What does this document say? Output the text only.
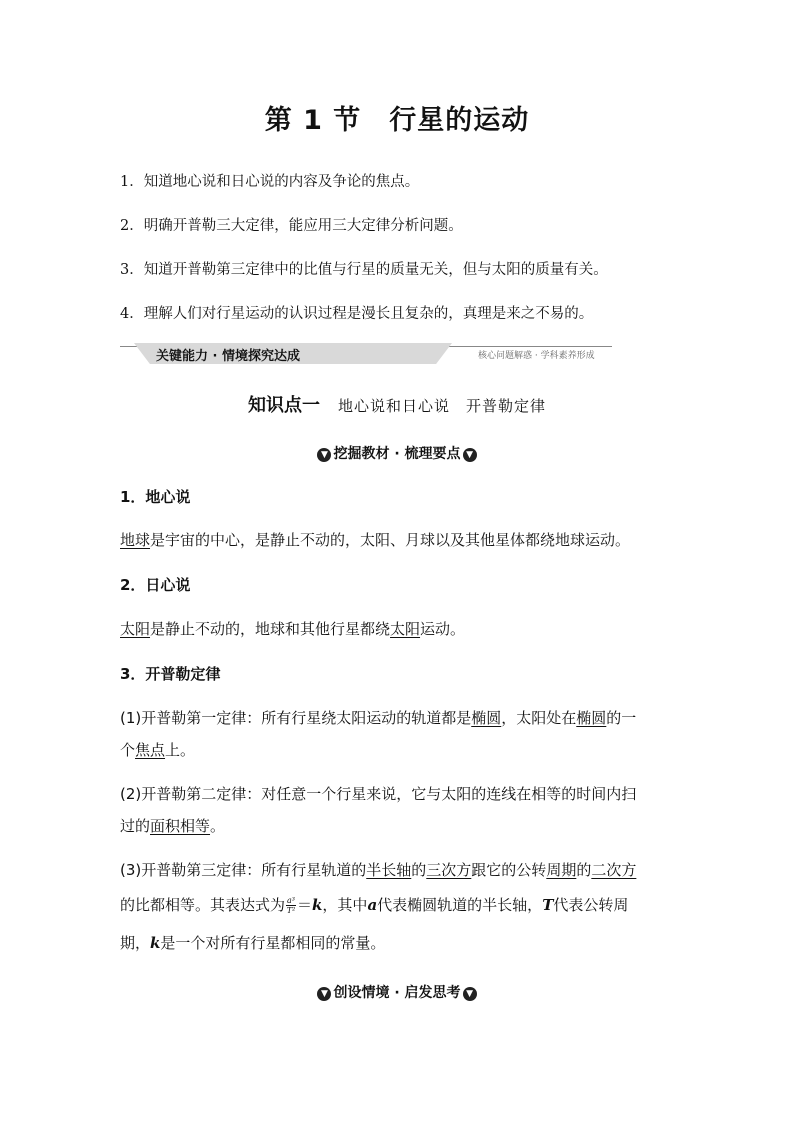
第 1 节　行星的运动
1．知道地心说和日心说的内容及争论的焦点。
2．明确开普勒三大定律，能应用三大定律分析问题。
3．知道开普勒第三定律中的比值与行星的质量无关，但与太阳的质量有关。
4．理解人们对行星运动的认识过程是漫长且复杂的，真理是来之不易的。
关键能力 · 情境探究达成	核心问题解惑 · 学科素养形成
知识点一 地心说和日心说　开普勒定律
▼ 挖掘教材 · 梳理要点 ▼
1．地心说
地球是宇宙的中心，是静止不动的，太阳、月球以及其他星体都绕地球运动。
2．日心说
太阳是静止不动的，地球和其他行星都绕太阳运动。
3．开普勒定律
(1)开普勒第一定律：所有行星绕太阳运动的轨道都是椭圆，太阳处在椭圆的一
个焦点上。
(2)开普勒第二定律：对任意一个行星来说，它与太阳的连线在相等的时间内扫
过的面积相等。
(3)开普勒第三定律：所有行星轨道的半长轴的三次方跟它的公转周期的二次方
的比都相等。其表达式为 $\frac{\text{a³}}{\text{T²}} =k$，其中a代表椭圆轨道的半长轴，T代表公转周
期，k是一个对所有行星都相同的常量。
▼ 创设情境 · 启发思考 ▼
